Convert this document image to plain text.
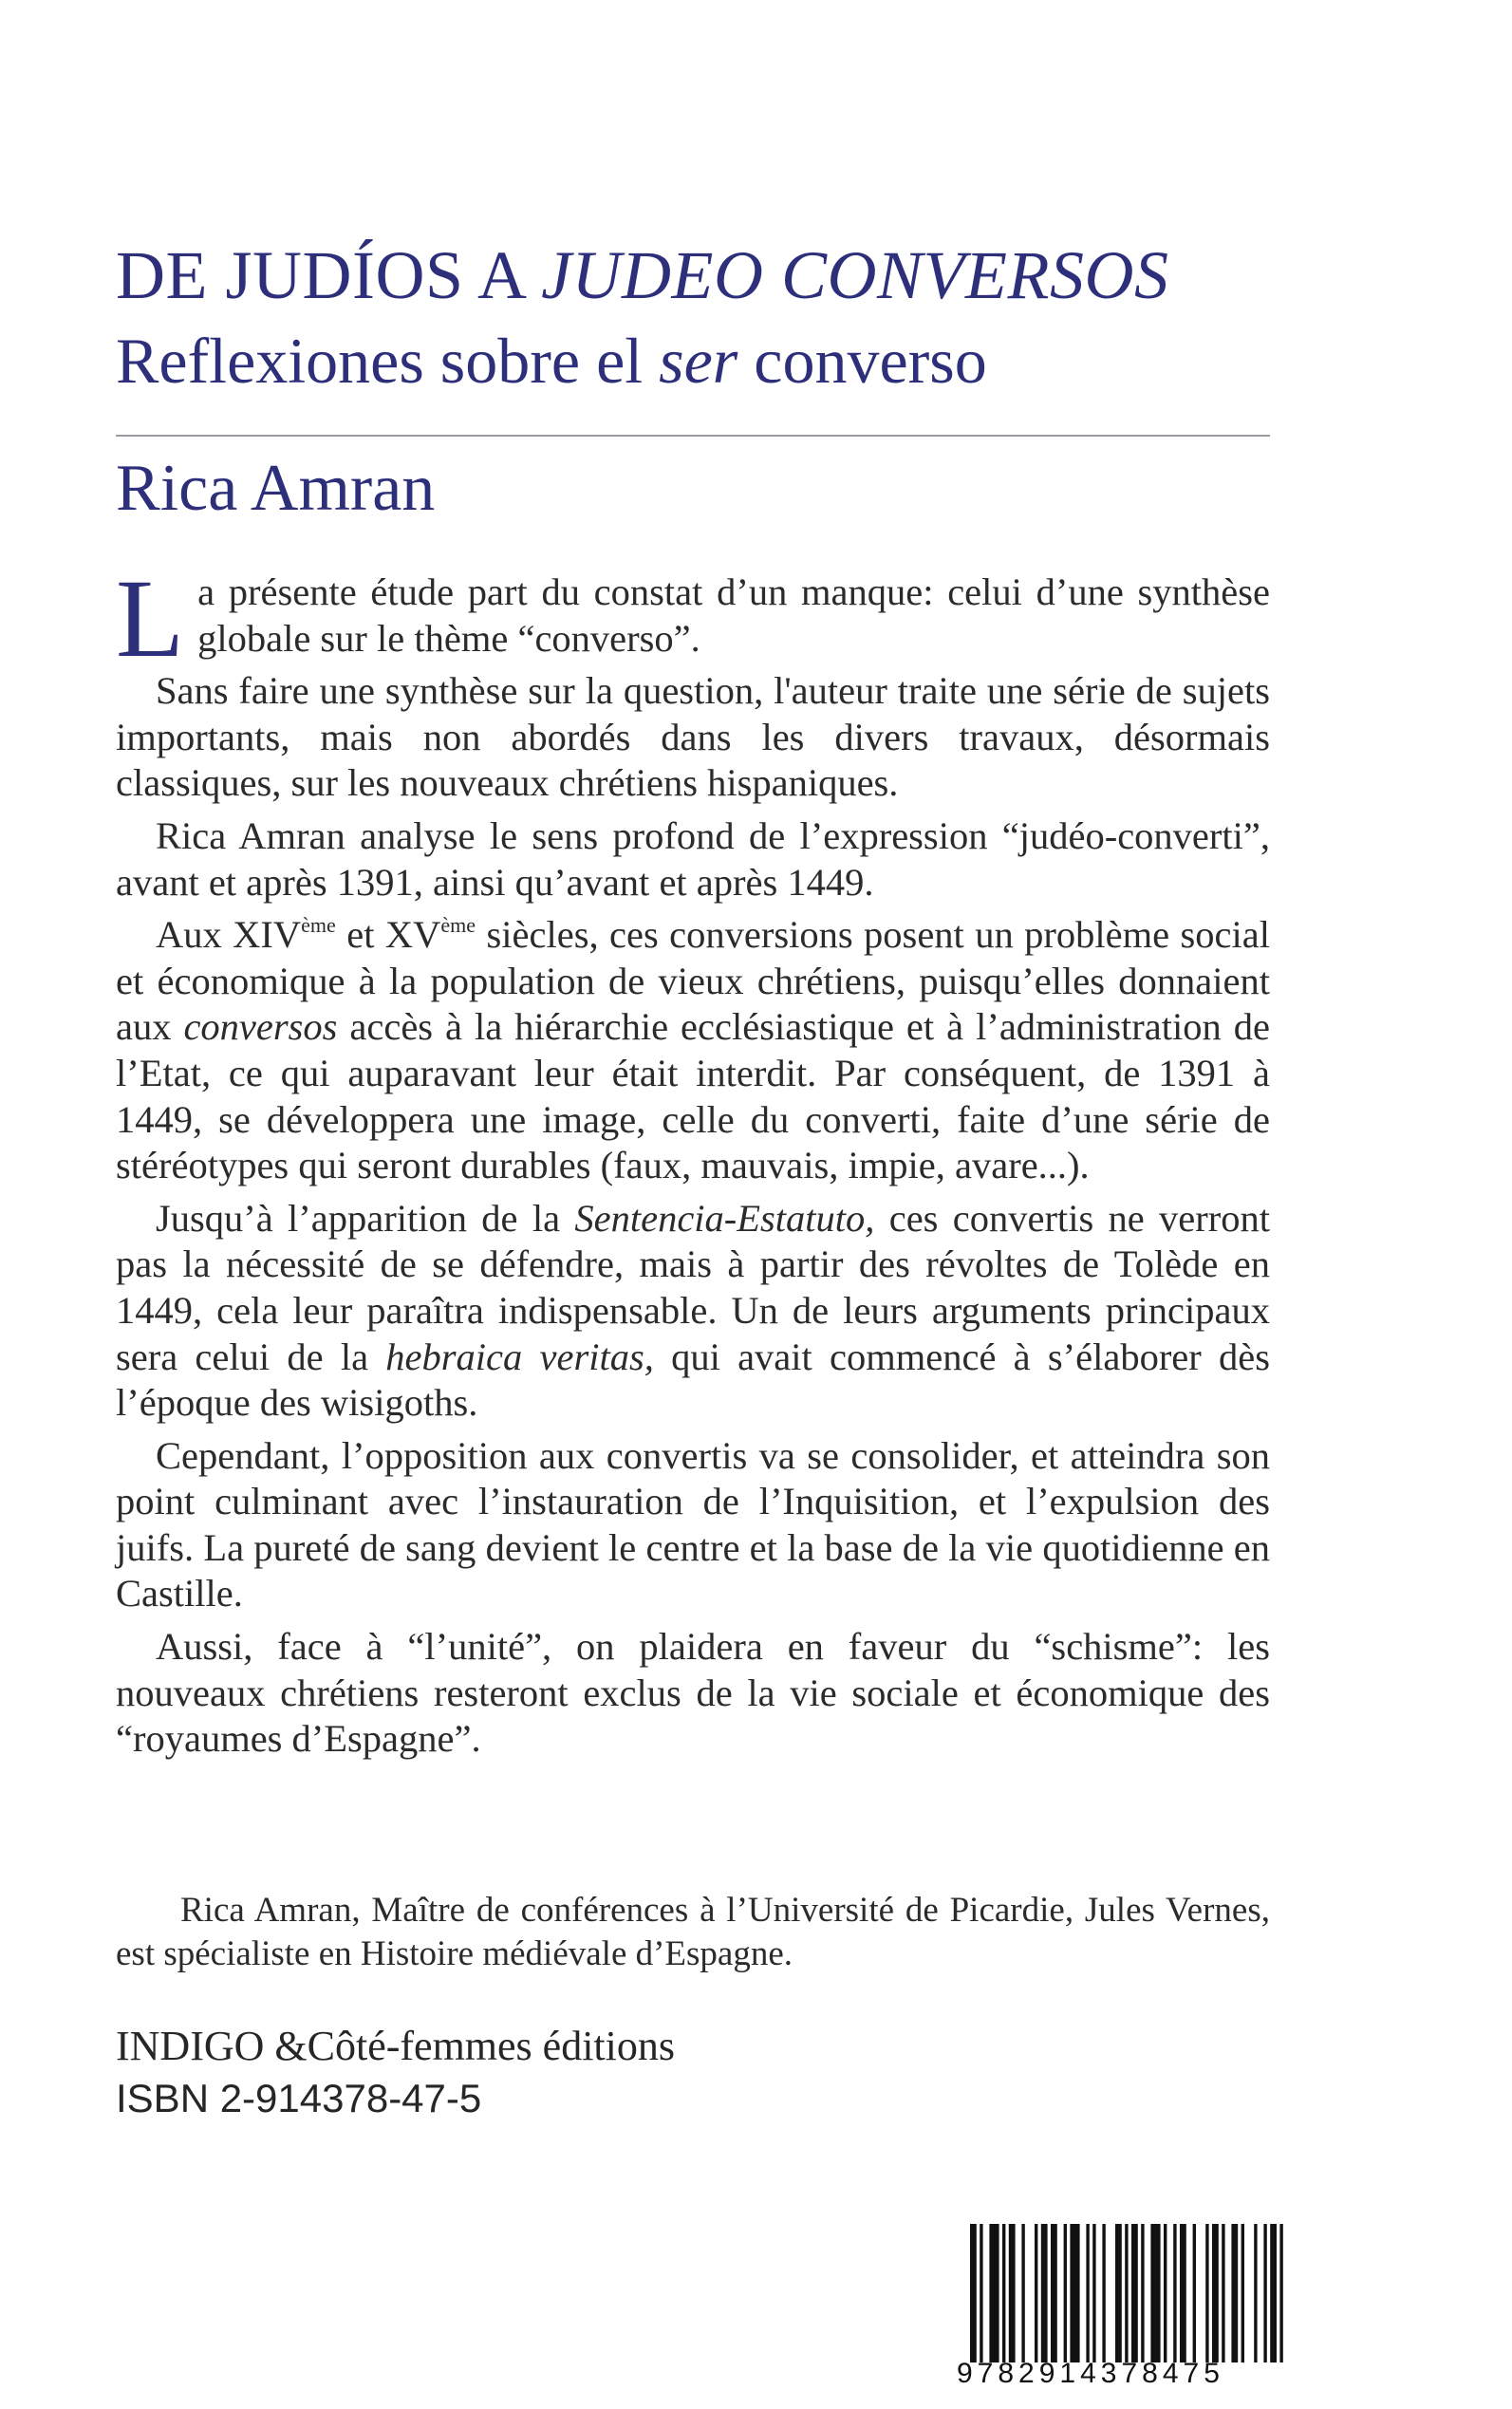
DE JUDÍOS A JUDEO CONVERSOS
Reflexiones sobre el ser converso
Rica Amran

La présente étude part du constat d’un manque: celui d’une synthèse globale sur le thème “converso”.

Sans faire une synthèse sur la question, l'auteur traite une série de sujets importants, mais non abordés dans les divers travaux, désormais classiques, sur les nouveaux chrétiens hispaniques.

Rica Amran analyse le sens profond de l’expression “judéo-converti”, avant et après 1391, ainsi qu’avant et après 1449.

Aux XIVème et XVème siècles, ces conversions posent un problème social et économique à la population de vieux chrétiens, puisqu’elles donnaient aux conversos accès à la hiérarchie ecclésiastique et à l’administration de l’Etat, ce qui auparavant leur était interdit. Par conséquent, de 1391 à 1449, se développera une image, celle du converti, faite d’une série de stéréotypes qui seront durables (faux, mauvais, impie, avare...).

Jusqu’à l’apparition de la Sentencia-Estatuto, ces convertis ne verront pas la nécessité de se défendre, mais à partir des révoltes de Tolède en 1449, cela leur paraîtra indispensable. Un de leurs arguments principaux sera celui de la hebraica veritas, qui avait commencé à s’élaborer dès l’époque des wisigoths.

Cependant, l’opposition aux convertis va se consolider, et atteindra son point culminant avec l’instauration de l’Inquisition, et l’expulsion des juifs. La pureté de sang devient le centre et la base de la vie quotidienne en Castille.

Aussi, face à “l’unité”, on plaidera en faveur du “schisme”: les nouveaux chrétiens resteront exclus de la vie sociale et économique des “royaumes d’Espagne”.

Rica Amran, Maître de conférences à l’Université de Picardie, Jules Vernes, est spécialiste en Histoire médiévale d’Espagne.

INDIGO &Côté-femmes éditions
ISBN 2-914378-47-5
9782914378475
